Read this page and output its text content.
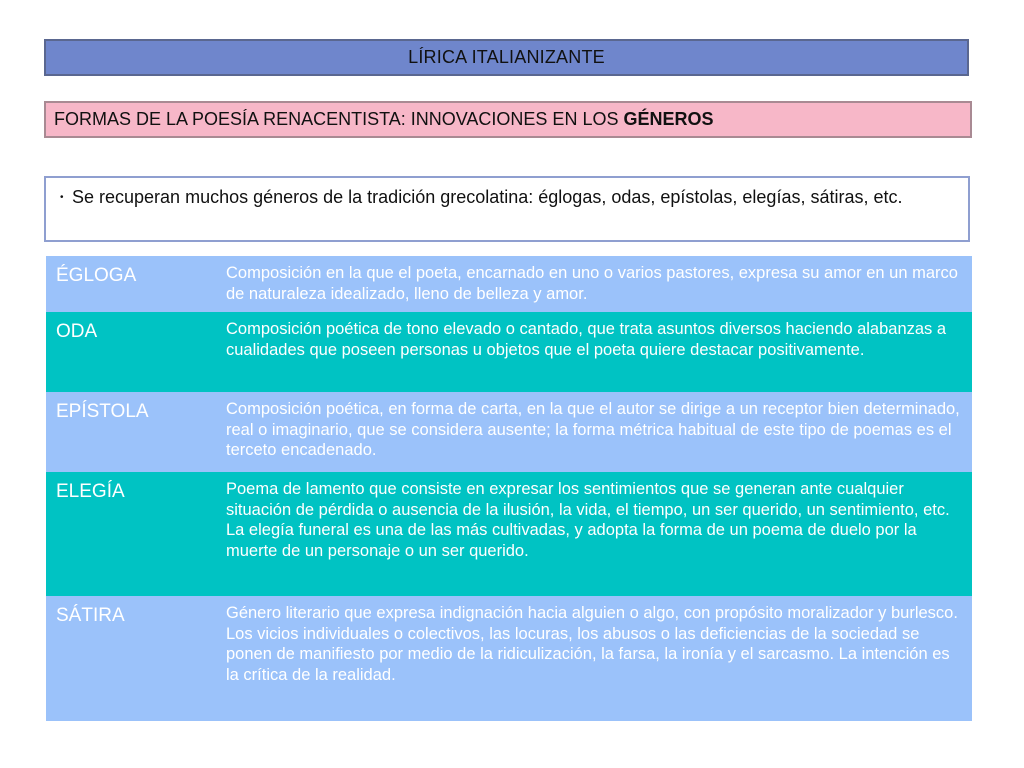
LÍRICA ITALIANIZANTE
FORMAS DE LA POESÍA RENACENTISTA: INNOVACIONES EN LOS GÉNEROS
• Se recuperan muchos géneros de la tradición grecolatina: églogas, odas, epístolas, elegías, sátiras, etc.
ÉGLOGA	Composición en la que el poeta, encarnado en uno o varios pastores, expresa su amor en un marco de naturaleza idealizado, lleno de belleza y amor.
ODA	Composición poética de tono elevado o cantado, que trata asuntos diversos haciendo alabanzas a cualidades que poseen personas u objetos que el poeta quiere destacar positivamente.
EPÍSTOLA	Composición poética, en forma de carta, en la que el autor se dirige a un receptor bien determinado, real o imaginario, que se considera ausente; la forma métrica habitual de este tipo de poemas es el terceto encadenado.
ELEGÍA	Poema de lamento que consiste en expresar los sentimientos que se generan ante cualquier situación de pérdida o ausencia de la ilusión, la vida, el tiempo, un ser querido, un sentimiento, etc. La elegía funeral es una de las más cultivadas, y adopta la forma de un poema de duelo por la muerte de un personaje o un ser querido.
SÁTIRA	Género literario que expresa indignación hacia alguien o algo, con propósito moralizador y burlesco. Los vicios individuales o colectivos, las locuras, los abusos o las deficiencias de la sociedad se ponen de manifiesto por medio de la ridiculización, la farsa, la ironía y el sarcasmo. La intención es la crítica de la realidad.
